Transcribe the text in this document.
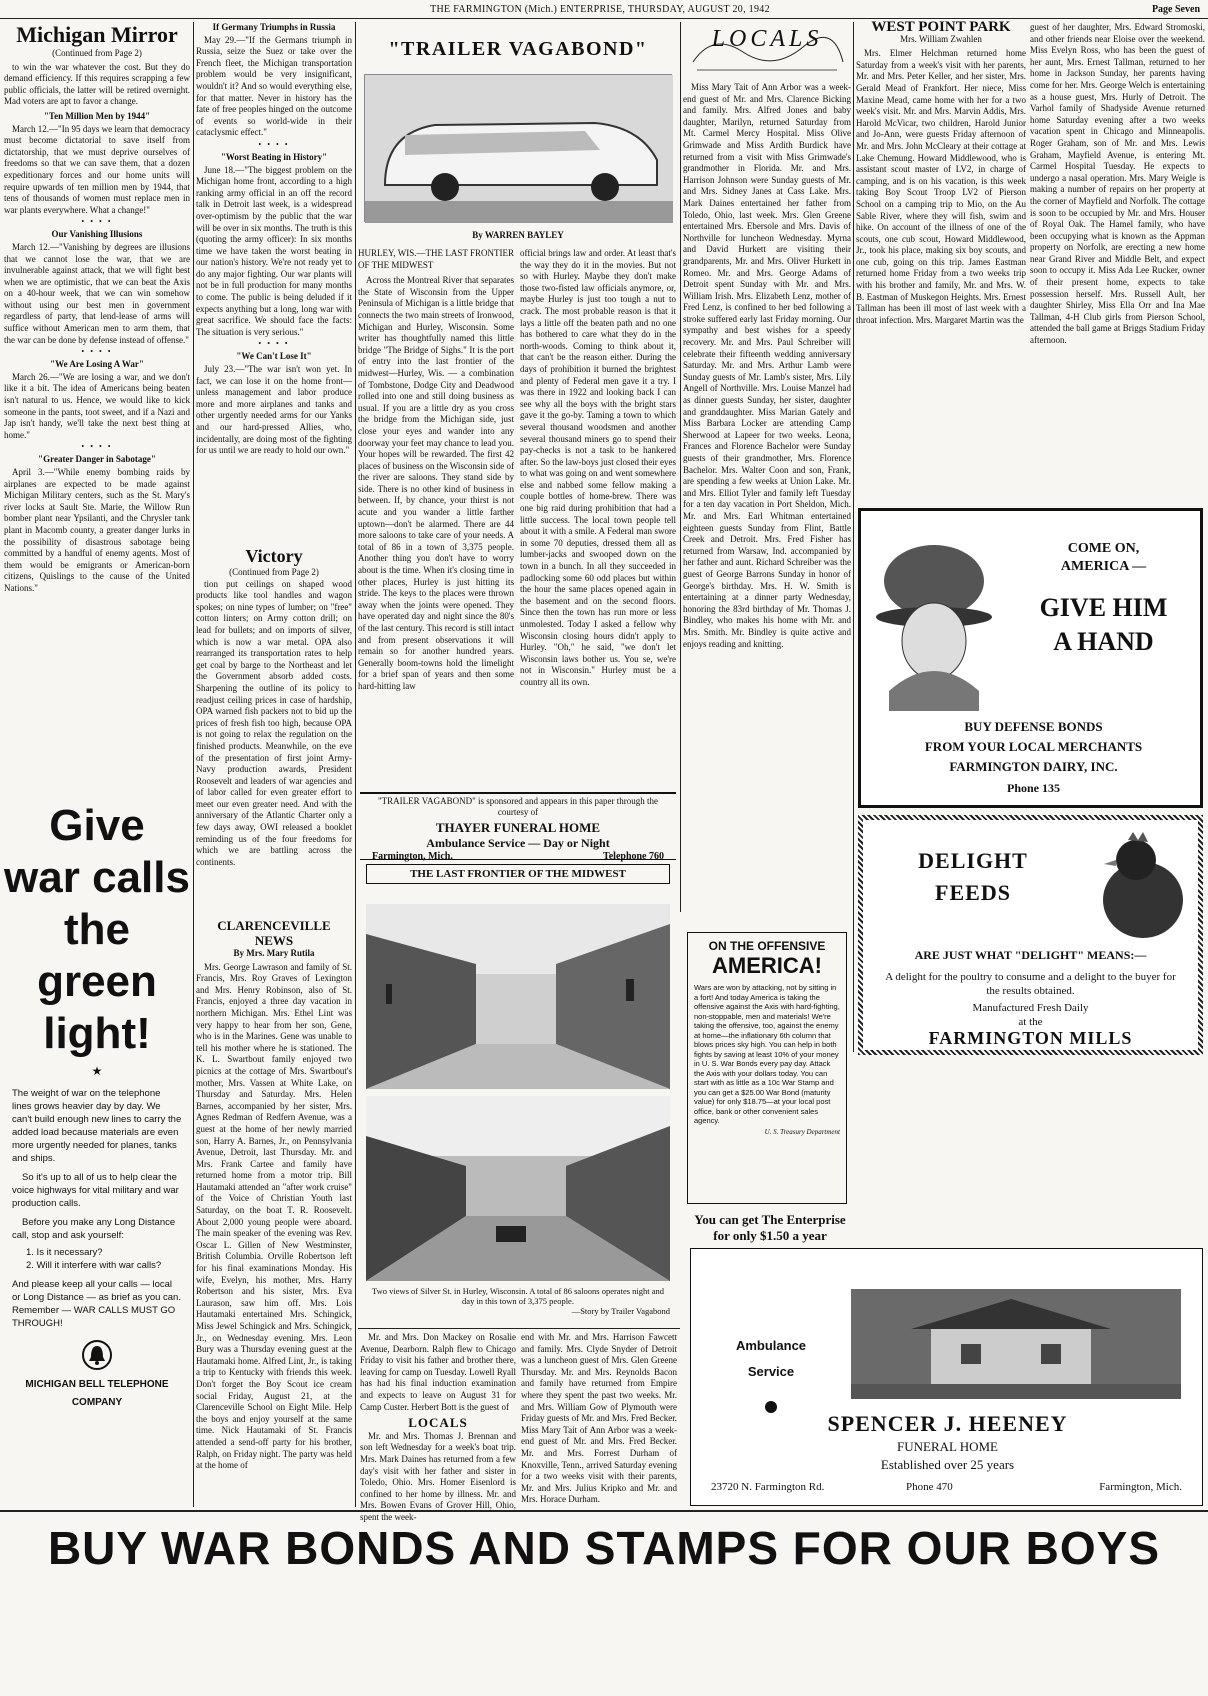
THE FARMINGTON (Mich.) ENTERPRISE, THURSDAY, AUGUST 20, 1942	Page Seven
Michigan Mirror
(Continued from Page 2)

to win the war whatever the cost. But they do demand efficiency. If this requires scrapping a few public officials, the latter will be retired overnight. Mad voters are apt to favor a change.

"Ten Million Men by 1944"

March 12.—"In 95 days we learn that democracy must become dictatorial to save itself from dictatorship, that we must deprive ourselves of freedoms so that we can save them, that a dozen expeditionary forces and our home units will require upwards of ten million men by 1944, that tens of thousands of women must replace men in war plants everywhere. What a change!"

• • • •
Our Vanishing Illusions

March 12.—"Vanishing by degrees are illusions that we cannot lose the war, that we are invulnerable against attack, that we will fight best when we are optimistic, that we can beat the Axis on a 40-hour week, that we can win somehow without using our best men in government regardless of party, that lend-lease of arms will suffice without American men to arm them, that the war can be done by defense instead of offense."

• • • •
"We Are Losing A War"

March 26.—"We are losing a war, and we don't like it a bit. The idea of Americans being beaten isn't natural to us. Hence, we would like to kick someone in the pants, toot sweet, and if a Nazi and Jap isn't handy, we'll take the next best thing at home."

• • • •
"Greater Danger in Sabotage"

April 3.—"While enemy bombing raids by airplanes are expected to be made against Michigan Military centers, such as the St. Mary's river locks at Sault Ste. Marie, the Willow Run bomber plant near Ypsilanti, and the Chrysler tank plant in Macomb county, a greater danger lurks in the possibility of disastrous sabotage being committed by a handful of enemy agents. Most of them would be emigrants or American-born citizens, Quislings to the cause of the United Nations."

Give
war calls
the
green
light!
★

The weight of war on the telephone lines grows heavier day by day. We can't build enough new lines to carry the added load because materials are even more urgently needed for planes, tanks and ships.

So it's up to all of us to help clear the voice highways for vital military and war production calls.

Before you make any Long Distance call, stop and ask yourself:

1. Is it necessary?

2. Will it interfere with war calls?

And please keep all your calls — local or Long Distance — as brief as you can. Remember — WAR CALLS MUST GO THROUGH!

MICHIGAN BELL TELEPHONE
COMPANY
If Germany Triumphs in Russia

May 29.—"If the Germans triumph in Russia, seize the Suez or take over the French fleet, the Michigan transportation problem would be very insignificant, wouldn't it? And so would everything else, for that matter. Never in history has the fate of free peoples hinged on the outcome of events so world-wide in their cataclysmic effect."

• • • •
"Worst Beating in History"

June 18.—"The biggest problem on the Michigan home front, according to a high ranking army official in an off the record talk in Detroit last week, is a widespread over-optimism by the public that the war will be over in six months. The truth is this (quoting the army officer): In six months time we have taken the worst beating in our nation's history. We're not ready yet to do any major fighting. Our war plants will not be in full production for many months to come. The public is being deluded if it expects anything but a long, long war with great sacrifice. We should face the facts: The situation is very serious."

• • • •
"We Can't Lose It"

July 23.—"The war isn't won yet. In fact, we can lose it on the home front—unless management and labor produce more and more airplanes and tanks and other urgently needed arms for our Yanks and our hard-pressed Allies, who, incidentally, are doing most of the fighting for us until we are ready to hold our own."

Victory
(Continued from Page 2)

tion put ceilings on shaped wood products like tool handles and wagon spokes; on nine types of lumber; on "free" cotton linters; on Army cotton drill; on lead for bullets; and on imports of silver, which is now a war metal. OPA also rearranged its transportation rates to help get coal by barge to the Northeast and let the Government absorb added costs. Sharpening the outline of its policy to readjust ceiling prices in case of hardship, OPA warned fish packers not to bid up the prices of fresh fish too high, because OPA is not going to relax the regulation on the finished products. Meanwhile, on the eve of the presentation of first joint Army-Navy production awards, President Roosevelt and leaders of war agencies and of labor called for even greater effort to meet our even greater need. And with the anniversary of the Atlantic Charter only a few days away, OWI released a booklet reminding us of the four freedoms for which we are battling across the continents.

CLARENCEVILLE NEWS
By Mrs. Mary Rutila

Mrs. George Lawrason and family of St. Francis, Mrs. Roy Graves of Lexington and Mrs. Henry Robinson, also of St. Francis, enjoyed a three day vacation in northern Michigan. Mrs. Ethel Lint was very happy to hear from her son, Gene, who is in the Marines. Gene was unable to tell his mother where he is stationed. The K. L. Swartbout family enjoyed two picnics at the cottage of Mrs. Swartbout's mother, Mrs. Vassen at White Lake, on Thursday and Saturday. Mrs. Helen Barnes, accompanied by her sister, Mrs. Agnes Redman of Redfern Avenue, was a guest at the home of her newly married son, Harry A. Barnes, Jr., on Pennsylvania Avenue, Detroit, last Thursday. Mr. and Mrs. Frank Cartee and family have returned home from a motor trip. Bill Hautamaki attended an "after work cruise" of the Voice of Christian Youth last Saturday, on the boat T. R. Roosevelt. About 2,000 young people were aboard. The main speaker of the evening was Rev. Oscar L. Gillen of New Westminster, British Columbia. Orville Robertson left for his final examinations Monday. His wife, Evelyn, his mother, Mrs. Harry Robertson and his sister, Mrs. Eva Laurason, saw him off. Mrs. Lois Hautamaki entertained Mrs. Schingick, Miss Jewel Schingick and Mrs. Schingick, Jr., on Wednesday evening. Mrs. Leon Bury was a Thursday evening guest at the Hautamaki home. Alfred Lint, Jr., is taking a trip to Kentucky with friends this week. Don't forget the Boy Scout ice cream social Friday, August 21, at the Clarenceville School on Eight Mile. Help the boys and enjoy yourself at the same time. Nick Hautamaki of St. Francis attended a send-off party for his brother, Ralph, on Friday night. The party was held at the home of

"TRAILER VAGABOND"
By WARREN BAYLEY
HURLEY, WIS.—THE LAST FRONTIER OF THE MIDWEST

Across the Montreal River that separates the State of Wisconsin from the Upper Peninsula of Michigan is a little bridge that connects the two main streets of Ironwood, Michigan and Hurley, Wisconsin. Some writer has thoughtfully named this little bridge "The Bridge of Sighs." It is the port of entry into the last frontier of the midwest—Hurley, Wis. — a combination of Tombstone, Dodge City and Deadwood rolled into one and still doing business as usual. If you are a little dry as you cross the bridge from the Michigan side, just close your eyes and wander into any doorway your feet may chance to lead you. Your hopes will be rewarded. The first 42 places of business on the Wisconsin side of the river are saloons. They stand side by side. There is no other kind of business in between. If, by chance, your thirst is not acute and you wander a little farther uptown—don't be alarmed. There are 44 more saloons to take care of your needs. A total of 86 in a town of 3,375 people. Another thing you don't have to worry about is the time. When it's closing time in other places, Hurley is just hitting its stride. The keys to the places were thrown away when the joints were opened. They have operated day and night since the 80's of the last century. This record is still intact and from present observations it will remain so for another hundred years. Generally boom-towns hold the limelight for a brief span of years and then some hard-hitting law

official brings law and order. At least that's the way they do it in the movies. But not so with Hurley. Maybe they don't make those two-fisted law officials anymore, or, maybe Hurley is just too tough a nut to crack. The most probable reason is that it lays a little off the beaten path and no one has bothered to care what they do in the north-woods. Coming to think about it, that can't be the reason either. During the days of prohibition it burned the brightest and plenty of Federal men gave it a try. I was there in 1922 and looking back I can see why all the boys with the bright stars gave it the go-by. Taming a town to which several thousand woodsmen and another several thousand miners go to spend their pay-checks is not a task to be hankered after. So the law-boys just closed their eyes to what was going on and went somewhere else and nabbed some fellow making a couple bottles of home-brew. There was one big raid during prohibition that had a little success. The local town people tell about it with a smile. A Federal man swore in some 70 deputies, dressed them all as lumber-jacks and swooped down on the town in a bunch. In all they succeeded in padlocking some 60 odd places but within the hour the same places opened again in the basement and on the second floors. Since then the town has run more or less unmolested. Today I asked a fellow why Wisconsin closing hours didn't apply to Hurley. "Oh," he said, "we don't let Wisconsin laws bother us. You se, we're not in Wisconsin." Hurley must be a country all its own.

"TRAILER VAGABOND" is sponsored and appears in this paper through the courtesy of
THAYER FUNERAL HOME
Ambulance Service — Day or Night
Farmington, Mich.	Telephone 760
THE LAST FRONTIER OF THE MIDWEST
Two views of Silver St. in Hurley, Wisconsin. A total of 86 saloons operates night and day in this town of 3,375 people.
—Story by Trailer Vagabond

Mr. and Mrs. Don Mackey on Rosalie Avenue, Dearborn. Ralph flew to Chicago Friday to visit his father and brother there, leaving for camp on Tuesday. Lowell Ryall has had his final induction examination and expects to leave on August 31 for Camp Custer. Herbert Bott is the guest of

LOCALS

Mr. and Mrs. Thomas J. Brennan and son left Wednesday for a week's boat trip. Mrs. Mark Daines has returned from a few day's visit with her father and sister in Toledo, Ohio. Mrs. Homer Eisenlord is confined to her home by illness. Mr. and Mrs. Bowen Evans of Grover Hill, Ohio, spent the week-

end with Mr. and Mrs. Harrison Fawcett and family. Mrs. Clyde Snyder of Detroit was a luncheon guest of Mrs. Glen Greene Thursday. Mr. and Mrs. Reynolds Bacon and family have returned from Empire where they spent the past two weeks. Mr. and Mrs. William Gow of Plymouth were Friday guests of Mr. and Mrs. Fred Becker. Miss Mary Tait of Ann Arbor was a week-end guest of Mr. and Mrs. Fred Becker. Mr. and Mrs. Forrest Durham of Knoxville, Tenn., arrived Saturday evening for a two weeks visit with their parents, Mr. and Mrs. Julius Kripko and Mr. and Mrs. Horace Durham.

LOCALS

Miss Mary Tait of Ann Arbor was a week-end guest of Mr. and Mrs. Clarence Bicking and family. Mrs. Alfred Jones and baby daughter, Marilyn, returned Saturday from Mt. Carmel Mercy Hospital. Miss Olive Grimwade and Miss Ardith Burdick have returned from a visit with Miss Grimwade's grandmother in Florida. Mr. and Mrs. Harrison Johnson were Sunday guests of Mr. and Mrs. Sidney Janes at Cass Lake. Mrs. Mark Daines entertained her father from Toledo, Ohio, last week. Mrs. Glen Greene entertained Mrs. Ebersole and Mrs. Davis of Northville for luncheon Wednesday. Myrna and David Hurkett are visiting their grandparents, Mr. and Mrs. Oliver Hurkett in Romeo. Mr. and Mrs. George Adams of Detroit spent Sunday with Mr. and Mrs. William Irish. Mrs. Elizabeth Lenz, mother of Fred Lenz, is confined to her bed following a stroke suffered early last Friday morning. Our sympathy and best wishes for a speedy recovery. Mr. and Mrs. Paul Schreiber will celebrate their fifteenth wedding anniversary Saturday. Mr. and Mrs. Arthur Lamb were Sunday guests of Mr. Lamb's sister, Mrs. Lily Angell of Northville. Mrs. Louise Manzel had as dinner guests Sunday, her sister, daughter and granddaughter. Miss Marian Gately and Miss Barbara Locker are attending Camp Sherwood at Lapeer for two weeks. Leona, Frances and Florence Bachelor were Sunday guests of their grandmother, Mrs. Florence Bachelor. Mrs. Walter Coon and son, Frank, are spending a few weeks at Union Lake. Mr. and Mrs. Elliot Tyler and family left Tuesday for a ten day vacation in Port Sheldon, Mich. Mr. and Mrs. Earl Whitman entertained eighteen guests Sunday from Flint, Battle Creek and Detroit. Mrs. Fred Fisher has returned from Warsaw, Ind. accompanied by her father and aunt. Richard Schreiber was the guest of George Barrons Sunday in honor of George's birthday. Mrs. H. W. Smith is entertaining at a dinner party Wednesday, honoring the 83rd birthday of Mr. Thomas J. Bindley, who makes his home with Mr. and Mrs. Smith. Mr. Bindley is quite active and enjoys reading and knitting.

ON THE OFFENSIVE
AMERICA!
Wars are won by attacking, not by sitting in a fort! And today America is taking the offensive against the Axis with hard-fighting, non-stoppable, men and materials! We're taking the offensive, too, against the enemy at home—the inflationary 6th column that blows prices sky high. You can help in both fights by saving at least 10% of your money in U. S. War Bonds every pay day. Attack the Axis with your dollars today. You can start with as little as a 10c War Stamp and you can get a $25.00 War Bond (maturity value) for only $18.75—at your local post office, bank or other convenient sales agency.
U. S. Treasury Department
You can get The Enterprise for only $1.50 a year
WEST POINT PARK
Mrs. William Zwahlen

Mrs. Elmer Helchman returned home Saturday from a week's visit with her parents, Mr. and Mrs. Peter Keller, and her sister, Mrs. Gerald Mead of Frankfort. Her niece, Miss Maxine Mead, came home with her for a two week's visit. Mr. and Mrs. Marvin Addis, Mrs. Harold McVicar, two children, Harold Junior and Jo-Ann, were guests Friday afternoon of Mr. and Mrs. John McCleary at their cottage at Lake Chemung. Howard Middlewood, who is assistant scout master of LV2, in charge of camping, and is on his vacation, is this week taking Boy Scout Troop LV2 of Pierson School on a camping trip to Mio, on the Au Sable River, where they will fish, swim and hike. On account of the illness of one of the scouts, one cub scout, Howard Middlewood, Jr., took his place, making six boy scouts, and one cub, going on this trip. James Eastman returned home Friday from a two weeks trip with his brother and family, Mr. and Mrs. W. B. Eastman of Muskegon Heights. Mrs. Ernest Tallman has been ill most of last week with a throat infection. Mrs. Margaret Martin was the

guest of her daughter, Mrs. Edward Stromoski, and other friends near Eloise over the weekend. Miss Evelyn Ross, who has been the guest of her aunt, Mrs. Ernest Tallman, returned to her home in Jackson Sunday, her parents having come for her. Mrs. George Welch is entertaining as a house guest, Mrs. Hurly of Detroit. The Varhol family of Shadyside Avenue returned home Saturday evening after a two weeks vacation spent in Chicago and Minneapolis. Roger Graham, son of Mr. and Mrs. Lewis Graham, Mayfield Avenue, is entering Mt. Carmel Hospital Tuesday. He expects to undergo a nasal operation. Mrs. Mary Weigle is making a number of repairs on her property at the corner of Mayfield and Norfolk. The cottage is soon to be occupied by Mr. and Mrs. Houser of Royal Oak. The Hamel family, who have been occupying what is known as the Appman property on Norfolk, are erecting a new home near Grand River and Middle Belt, and expect soon to occupy it. Miss Ada Lee Rucker, owner of their present home, expects to take possession herself. Mrs. Russell Ault, her daughter Shirley, Miss Ella Orr and Ina Mae Tallman, 4-H Club girls from Pierson School, attended the ball game at Briggs Stadium Friday afternoon.

COME ON,
AMERICA —
GIVE HIM
A HAND
BUY DEFENSE BONDS
FROM YOUR LOCAL MERCHANTS
FARMINGTON DAIRY, INC.
Phone 135
DELIGHT
FEEDS
ARE JUST WHAT "DELIGHT" MEANS:—
A delight for the poultry to consume and a delight to the buyer for the results obtained.
Manufactured Fresh Daily
at the
FARMINGTON MILLS
Ambulance
Service
SPENCER J. HEENEY
FUNERAL HOME
Established over 25 years
23720 N. Farmington Rd.	Phone 470	Farmington, Mich.
BUY WAR BONDS AND STAMPS FOR OUR BOYS
